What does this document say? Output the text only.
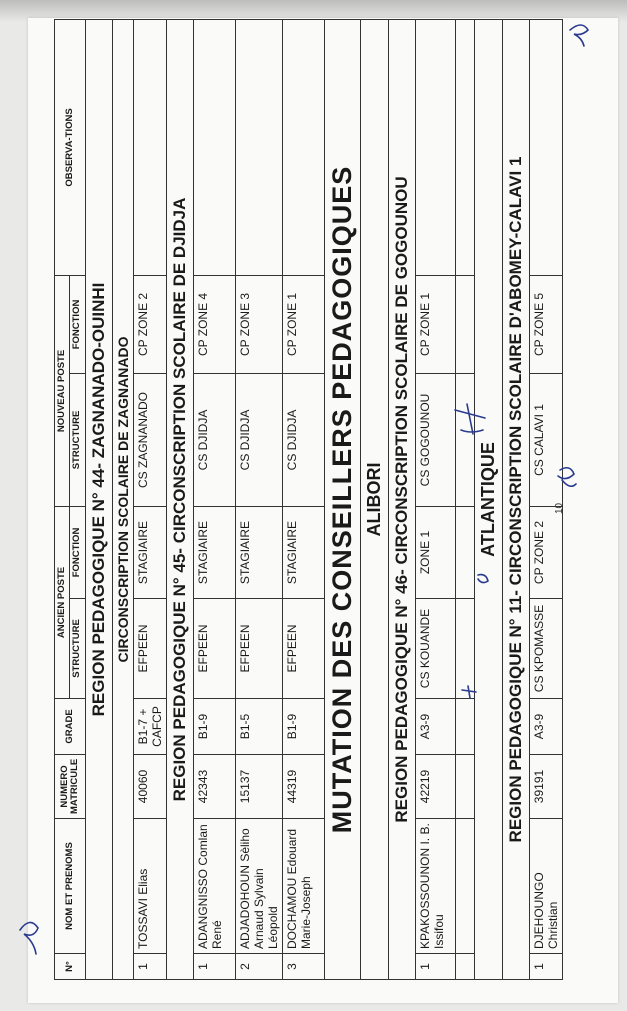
N°	NOM ET PRENOMS	NUMERO MATRICULE	GRADE	ANCIEN POSTE		NOUVEAU POSTE		OBSERVA-TIONS
				STRUCTURE	FONCTION	STRUCTURE	FONCTION	
REGION PEDAGOGIQUE N° 44- ZAGNANADO-OUINHI								
CIRCONSCRIPTION SCOLAIRE DE ZAGNANADO								
1	TOSSAVI Elias	40060	B1-7 + CAFCP	EFPEEN	STAGIAIRE	CS ZAGNANADO	CP ZONE 2	
REGION PEDAGOGIQUE N° 45- CIRCONSCRIPTION SCOLAIRE DE DJIDJA								
1	ADANGNISSO Comlan René	42343	B1-9	EFPEEN	STAGIAIRE	CS DJIDJA	CP ZONE 4	
2	ADJADOHOUN Sèliho Arnaud Sylvain Léopold	15137	B1-5	EFPEEN	STAGIAIRE	CS DJIDJA	CP ZONE 3	
3	DOCHAMOU Edouard Marie-Joseph	44319	B1-9	EFPEEN	STAGIAIRE	CS DJIDJA	CP ZONE 1	
MUTATION DES CONSEILLERS PEDAGOGIQUES								
ALIBORI								
REGION PEDAGOGIQUE N° 46- CIRCONSCRIPTION SCOLAIRE DE GOGOUNOU								
1	KPAKOSSOUNON I. B. Issifou	42219	A3-9	CS KOUANDE	ZONE 1	CS GOGOUNOU	CP ZONE 1	

ATLANTIQUE								
REGION PEDAGOGIQUE N° 11- CIRCONSCRIPTION SCOLAIRE D'ABOMEY-CALAVI 1								
1	DJEHOUNGO Christian	39191	A3-9	CS KPOMASSE	CP ZONE 2	CS CALAVI 1	CP ZONE 5	
10
